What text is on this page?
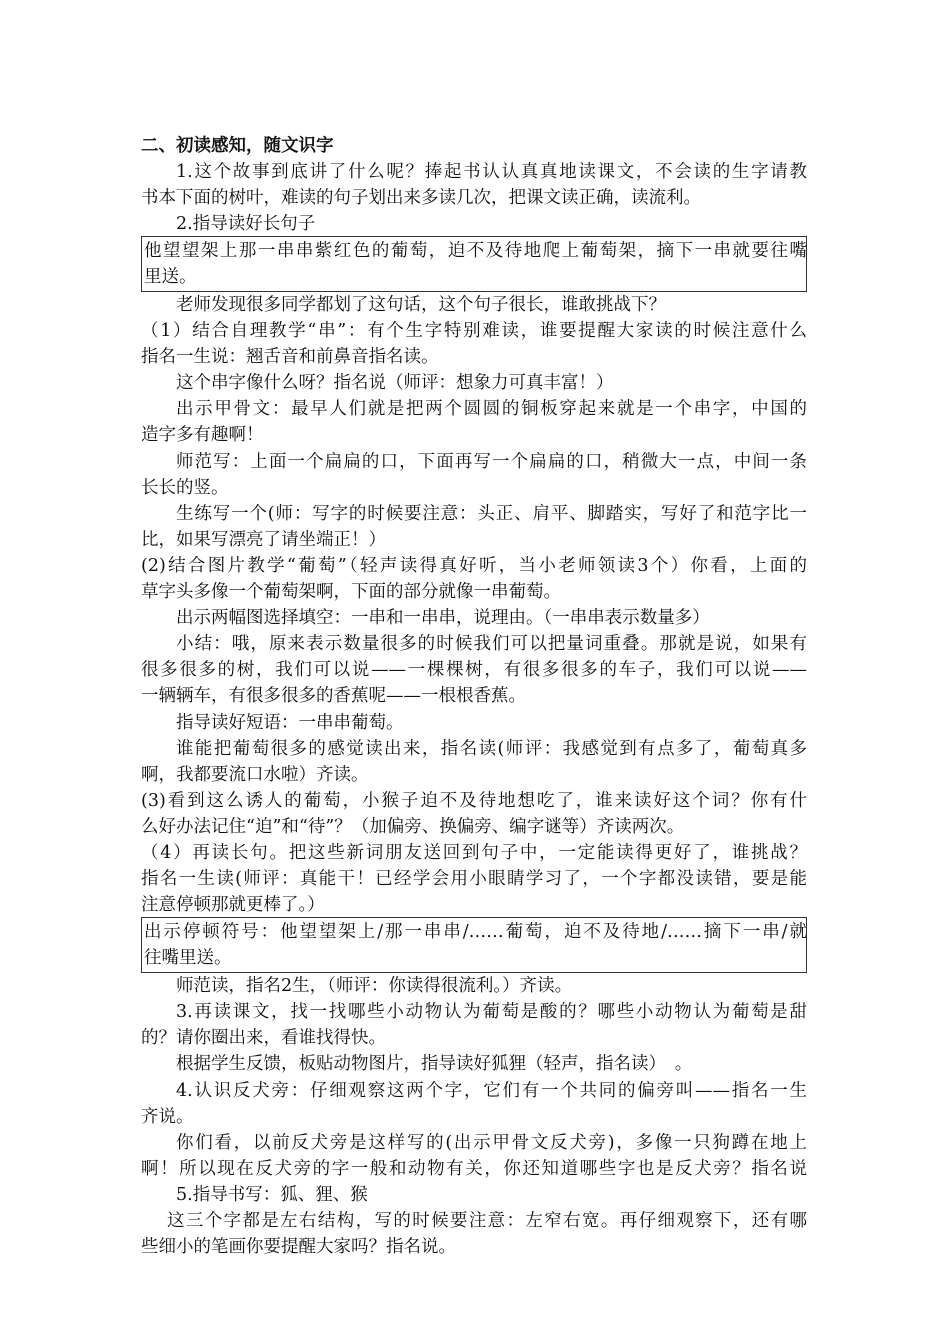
二、初读感知，随文识字
1.这个故事到底讲了什么呢？捧起书认认真真地读课文，不会读的生字请教
书本下面的树叶，难读的句子划出来多读几次，把课文读正确，读流利。
2.指导读好长句子
他望望架上那一串串紫红色的葡萄，迫不及待地爬上葡萄架，摘下一串就要往嘴
里送。
老师发现很多同学都划了这句话，这个句子很长，谁敢挑战下？
（1）结合自理教学“串”：有个生字特别难读，谁要提醒大家读的时候注意什么
指名一生说：翘舌音和前鼻音指名读。
这个串字像什么呀？指名说（师评：想象力可真丰富！）
出示甲骨文：最早人们就是把两个圆圆的铜板穿起来就是一个串字，中国的
造字多有趣啊！
师范写：上面一个扁扁的口，下面再写一个扁扁的口，稍微大一点，中间一条
长长的竖。
生练写一个(师：写字的时候要注意：头正、肩平、脚踏实，写好了和范字比一
比，如果写漂亮了请坐端正！）
(2)结合图片教学“葡萄”（轻声读得真好听，当小老师领读3个）你看，上面的
草字头多像一个葡萄架啊，下面的部分就像一串葡萄。
出示两幅图选择填空：一串和一串串，说理由。（一串串表示数量多）
小结：哦，原来表示数量很多的时候我们可以把量词重叠。那就是说，如果有
很多很多的树，我们可以说——一棵棵树，有很多很多的车子，我们可以说——
一辆辆车，有很多很多的香蕉呢——一根根香蕉。
指导读好短语：一串串葡萄。
谁能把葡萄很多的感觉读出来，指名读(师评：我感觉到有点多了，葡萄真多
啊，我都要流口水啦）齐读。
(3)看到这么诱人的葡萄，小猴子迫不及待地想吃了，谁来读好这个词？你有什
么好办法记住“迫”和“待”？（加偏旁、换偏旁、编字谜等）齐读两次。
（4）再读长句。把这些新词朋友送回到句子中，一定能读得更好了，谁挑战？
指名一生读(师评：真能干！已经学会用小眼睛学习了，一个字都没读错，要是能
注意停顿那就更棒了。）
出示停顿符号：他望望架上/那一串串/……葡萄，迫不及待地/……摘下一串/就
往嘴里送。
师范读，指名2生，（师评：你读得很流利。）齐读。
3.再读课文，找一找哪些小动物认为葡萄是酸的？哪些小动物认为葡萄是甜
的？请你圈出来，看谁找得快。
根据学生反馈，板贴动物图片，指导读好狐狸（轻声，指名读）　。
4.认识反犬旁：仔细观察这两个字，它们有一个共同的偏旁叫——指名一生
齐说。
你们看，以前反犬旁是这样写的(出示甲骨文反犬旁)，多像一只狗蹲在地上
啊！所以现在反犬旁的字一般和动物有关，你还知道哪些字也是反犬旁？指名说
5.指导书写：狐、狸、猴
这三个字都是左右结构，写的时候要注意：左窄右宽。再仔细观察下，还有哪
些细小的笔画你要提醒大家吗？指名说。
